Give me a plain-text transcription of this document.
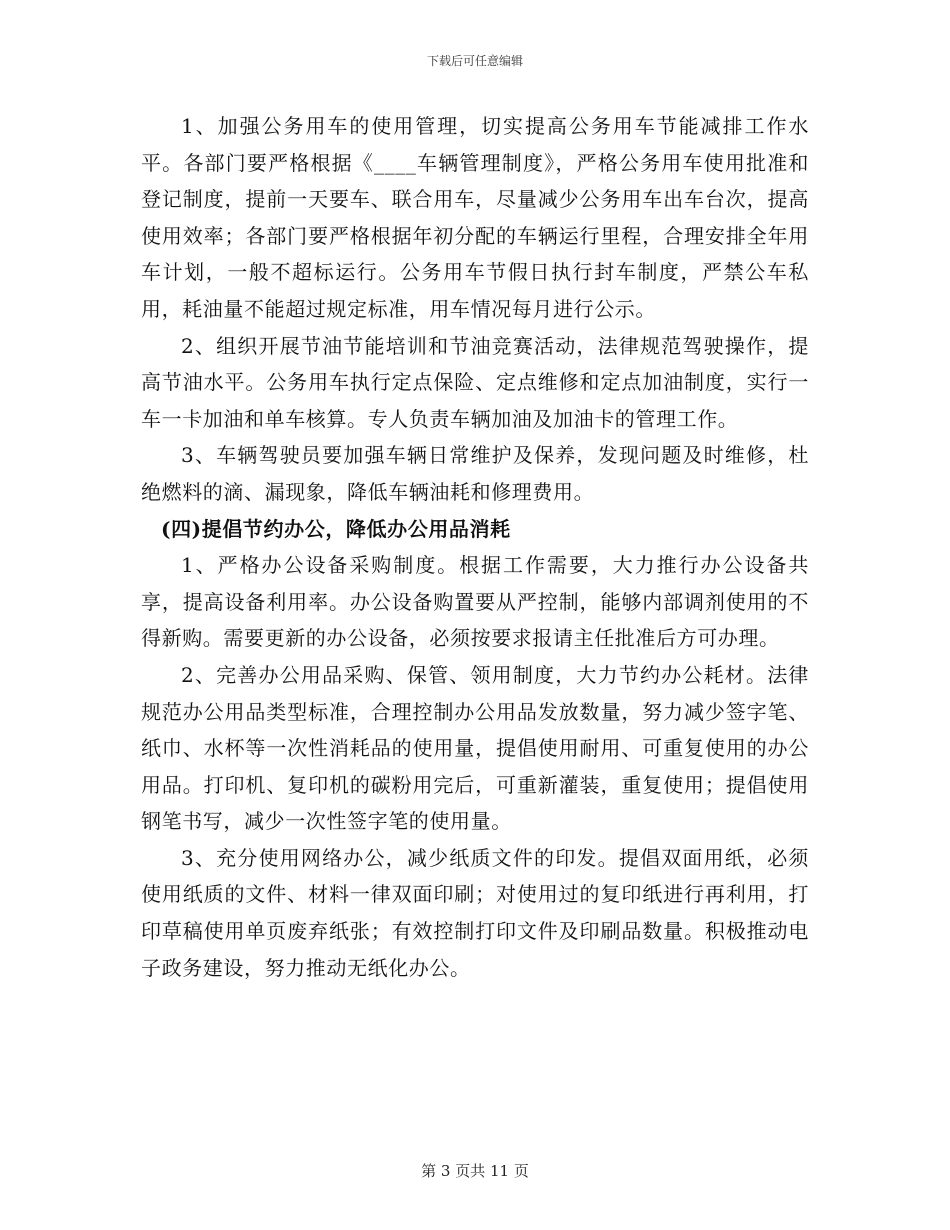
下载后可任意编辑

1、加强公务用车的使用管理，切实提高公务用车节能减排工作水平。各部门要严格根据《____车辆管理制度》，严格公务用车使用批准和登记制度，提前一天要车、联合用车，尽量减少公务用车出车台次，提高使用效率；各部门要严格根据年初分配的车辆运行里程，合理安排全年用车计划，一般不超标运行。公务用车节假日执行封车制度，严禁公车私用，耗油量不能超过规定标准，用车情况每月进行公示。

2、组织开展节油节能培训和节油竞赛活动，法律规范驾驶操作，提高节油水平。公务用车执行定点保险、定点维修和定点加油制度，实行一车一卡加油和单车核算。专人负责车辆加油及加油卡的管理工作。

3、车辆驾驶员要加强车辆日常维护及保养，发现问题及时维修，杜绝燃料的滴、漏现象，降低车辆油耗和修理费用。

(四)提倡节约办公，降低办公用品消耗

1、严格办公设备采购制度。根据工作需要，大力推行办公设备共享，提高设备利用率。办公设备购置要从严控制，能够内部调剂使用的不得新购。需要更新的办公设备，必须按要求报请主任批准后方可办理。

2、完善办公用品采购、保管、领用制度，大力节约办公耗材。法律规范办公用品类型标准，合理控制办公用品发放数量，努力减少签字笔、纸巾、水杯等一次性消耗品的使用量，提倡使用耐用、可重复使用的办公用品。打印机、复印机的碳粉用完后，可重新灌装，重复使用；提倡使用钢笔书写，减少一次性签字笔的使用量。

3、充分使用网络办公，减少纸质文件的印发。提倡双面用纸，必须使用纸质的文件、材料一律双面印刷；对使用过的复印纸进行再利用，打印草稿使用单页废弃纸张；有效控制打印文件及印刷品数量。积极推动电子政务建设，努力推动无纸化办公。

第 3 页共 11 页
